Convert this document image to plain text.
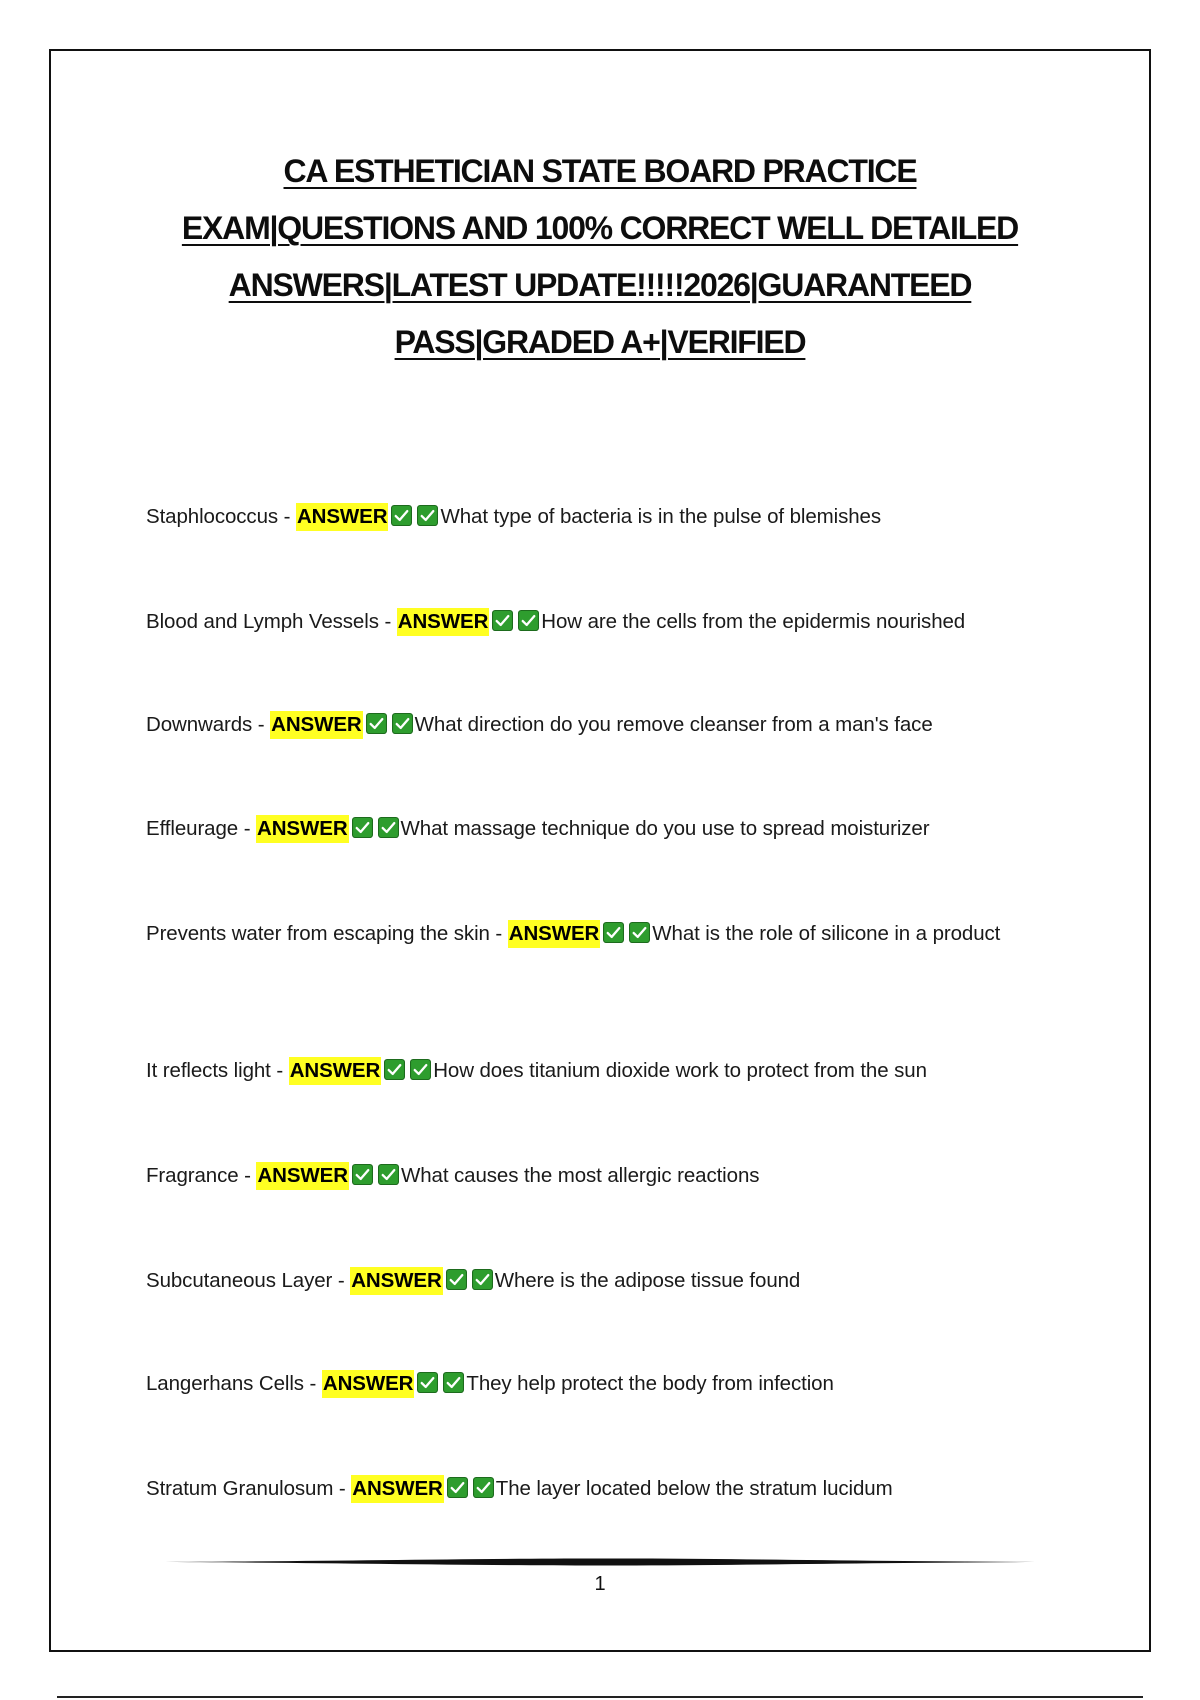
CA ESTHETICIAN STATE BOARD PRACTICE EXAM|QUESTIONS AND 100% CORRECT WELL DETAILED ANSWERS|LATEST UPDATE!!!!!2026|GUARANTEED PASS|GRADED A+|VERIFIED
Staphlococcus - ANSWER	What type of bacteria is in the pulse of blemishes
Blood and Lymph Vessels - ANSWER	How are the cells from the epidermis nourished
Downwards - ANSWER	What direction do you remove cleanser from a man's face
Effleurage - ANSWER	What massage technique do you use to spread moisturizer
Prevents water from escaping the skin - ANSWER	What is the role of silicone in a product
It reflects light - ANSWER	How does titanium dioxide work to protect from the sun
Fragrance - ANSWER	What causes the most allergic reactions
Subcutaneous Layer - ANSWER	Where is the adipose tissue found
Langerhans Cells - ANSWER	They help protect the body from infection
Stratum Granulosum - ANSWER	The layer located below the stratum lucidum
1
